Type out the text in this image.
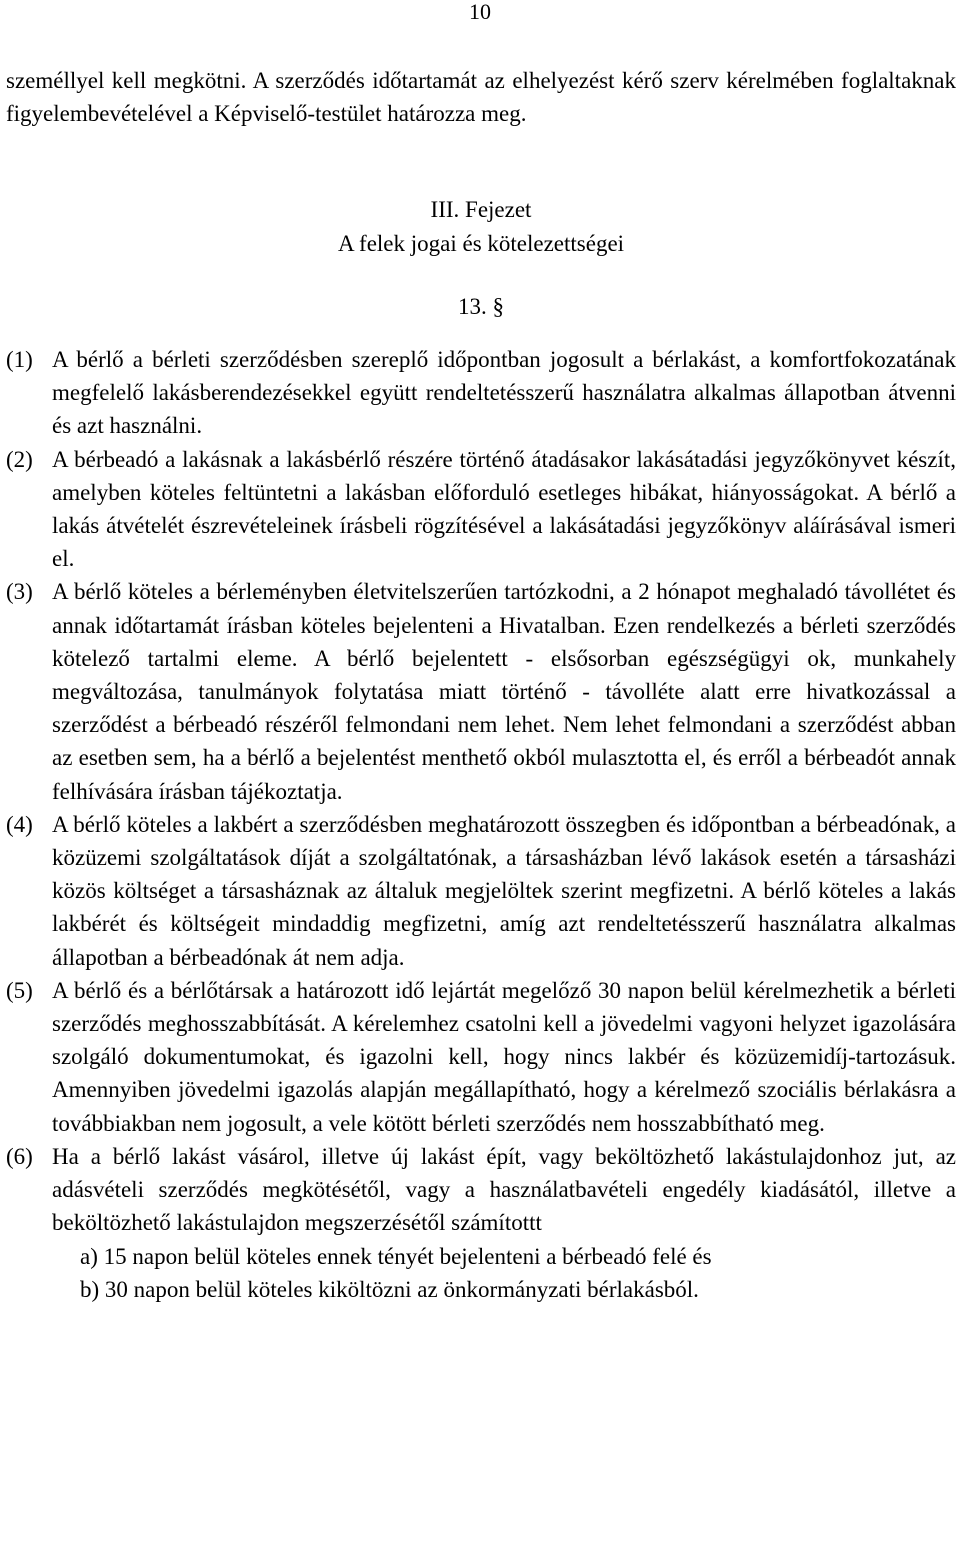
10

személlyel kell megkötni. A szerződés időtartamát az elhelyezést kérő szerv kérelmében foglaltaknak figyelembevételével a Képviselő-testület határozza meg.

III. Fejezet

A felek jogai és kötelezettségei

13. §

(1) A bérlő a bérleti szerződésben szereplő időpontban jogosult a bérlakást, a komfortfokozatának megfelelő lakásberendezésekkel együtt rendeltetésszerű használatra alkalmas állapotban átvenni és azt használni.

(2) A bérbeadó a lakásnak a lakásbérlő részére történő átadásakor lakásátadási jegyzőkönyvet készít, amelyben köteles feltüntetni a lakásban előforduló esetleges hibákat, hiányosságokat. A bérlő a lakás átvételét észrevételeinek írásbeli rögzítésével a lakásátadási jegyzőkönyv aláírásával ismeri el.

(3) A bérlő köteles a bérleményben életvitelszerűen tartózkodni, a 2 hónapot meghaladó távollétet és annak időtartamát írásban köteles bejelenteni a Hivatalban. Ezen rendelkezés a bérleti szerződés kötelező tartalmi eleme. A bérlő bejelentett - elsősorban egészségügyi ok, munkahely megváltozása, tanulmányok folytatása miatt történő - távolléte alatt erre hivatkozással a szerződést a bérbeadó részéről felmondani nem lehet. Nem lehet felmondani a szerződést abban az esetben sem, ha a bérlő a bejelentést menthető okból mulasztotta el, és erről a bérbeadót annak felhívására írásban tájékoztatja.

(4) A bérlő köteles a lakbért a szerződésben meghatározott összegben és időpontban a bérbeadónak, a közüzemi szolgáltatások díját a szolgáltatónak, a társasházban lévő lakások esetén a társasházi közös költséget a társasháznak az általuk megjelöltek szerint megfizetni. A bérlő köteles a lakás lakbérét és költségeit mindaddig megfizetni, amíg azt rendeltetésszerű használatra alkalmas állapotban a bérbeadónak át nem adja.

(5) A bérlő és a bérlőtársak a határozott idő lejártát megelőző 30 napon belül kérelmezhetik a bérleti szerződés meghosszabbítását. A kérelemhez csatolni kell a jövedelmi vagyoni helyzet igazolására szolgáló dokumentumokat, és igazolni kell, hogy nincs lakbér és közüzemidíj-tartozásuk. Amennyiben jövedelmi igazolás alapján megállapítható, hogy a kérelmező szociális bérlakásra a továbbiakban nem jogosult, a vele kötött bérleti szerződés nem hosszabbítható meg.

(6) Ha a bérlő lakást vásárol, illetve új lakást épít, vagy beköltözhető lakástulajdonhoz jut, az adásvételi szerződés megkötésétől, vagy a használatbavételi engedély kiadásától, illetve a beköltözhető lakástulajdon megszerzésétől számítottt

a) 15 napon belül köteles ennek tényét bejelenteni a bérbeadó felé és

b) 30 napon belül köteles kiköltözni az önkormányzati bérlakásból.
